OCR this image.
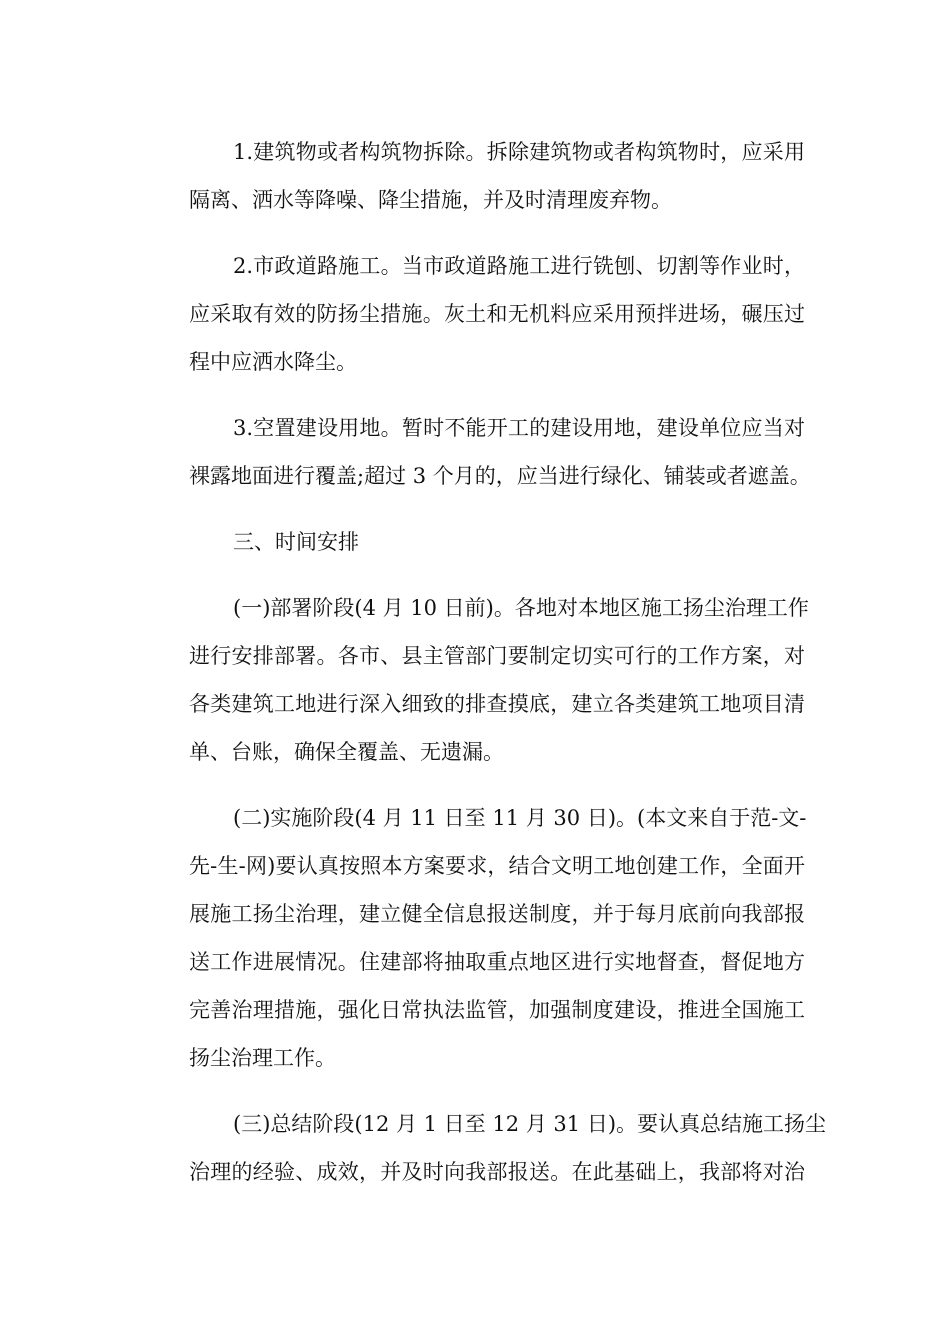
1.建筑物或者构筑物拆除。拆除建筑物或者构筑物时，应采用
隔离、洒水等降噪、降尘措施，并及时清理废弃物。
2.市政道路施工。当市政道路施工进行铣刨、切割等作业时，
应采取有效的防扬尘措施。灰土和无机料应采用预拌进场，碾压过
程中应洒水降尘。
3.空置建设用地。暂时不能开工的建设用地，建设单位应当对
裸露地面进行覆盖;超过 3 个月的，应当进行绿化、铺装或者遮盖。
三、时间安排
(一)部署阶段(4 月 10 日前)。各地对本地区施工扬尘治理工作
进行安排部署。各市、县主管部门要制定切实可行的工作方案，对
各类建筑工地进行深入细致的排查摸底，建立各类建筑工地项目清
单、台账，确保全覆盖、无遗漏。
(二)实施阶段(4 月 11 日至 11 月 30 日)。(本文来自于范-文-
先-生-网)要认真按照本方案要求，结合文明工地创建工作，全面开
展施工扬尘治理，建立健全信息报送制度，并于每月底前向我部报
送工作进展情况。住建部将抽取重点地区进行实地督查，督促地方
完善治理措施，强化日常执法监管，加强制度建设，推进全国施工
扬尘治理工作。
(三)总结阶段(12 月 1 日至 12 月 31 日)。要认真总结施工扬尘
治理的经验、成效，并及时向我部报送。在此基础上，我部将对治
